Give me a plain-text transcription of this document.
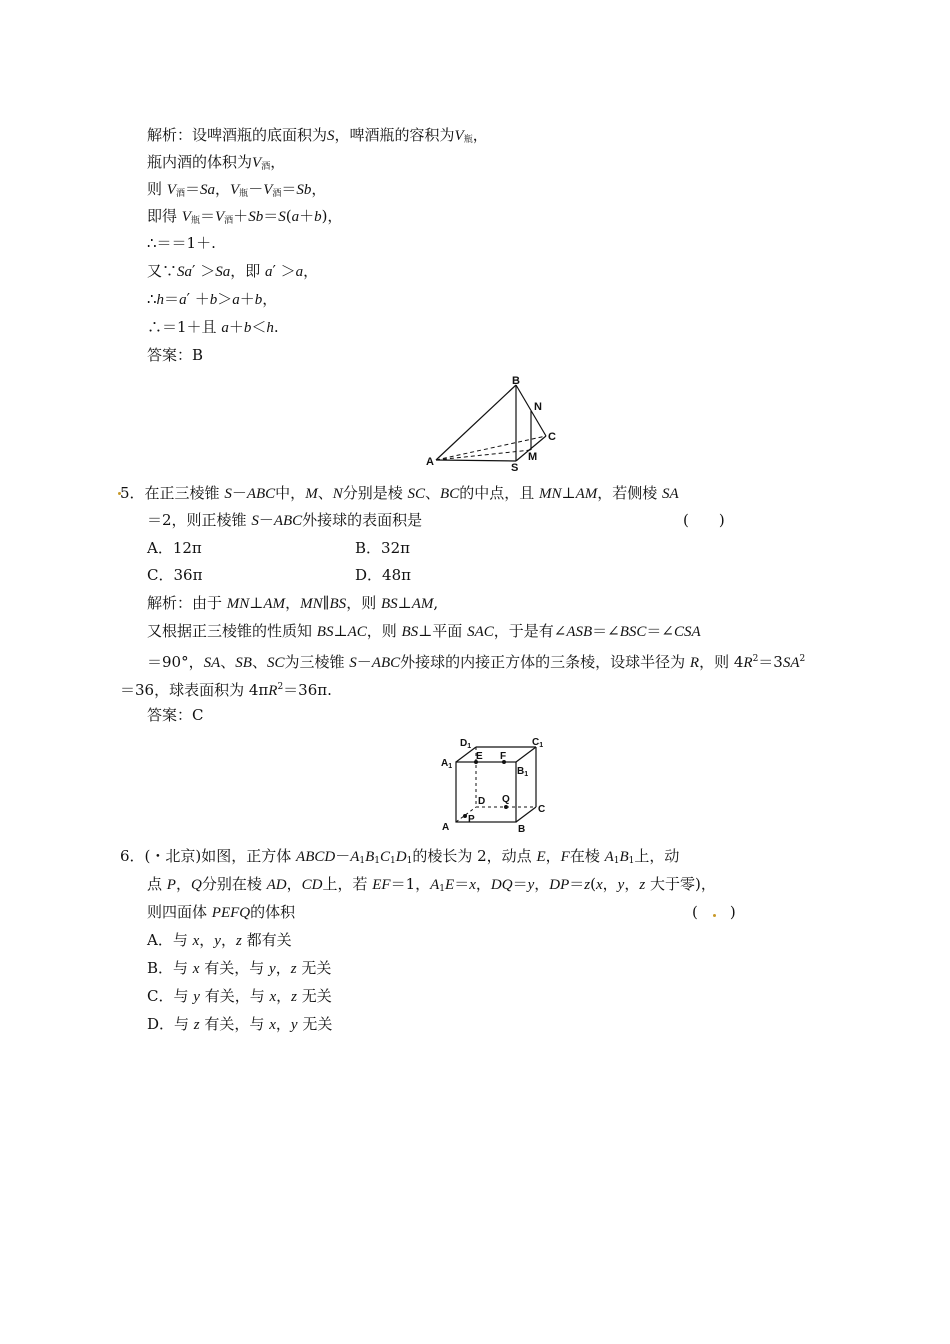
解析：设啤酒瓶的底面积为S，啤酒瓶的容积为$V_瓶$，
瓶内酒的体积为$V_酒$，
则 $V_酒=Sa$，$V_瓶-V_酒=Sb$，
即得 $V_瓶=V_酒+Sb=S(a+b)$，
∴＝＝1＋.
又∵Sa′ ＞Sa，即 a′ ＞a，
∴h＝a′ ＋b＞a＋b，
∴＝1＋且 a＋b＜h.
答案：B
B
N
C
A	S
M
5．在正三棱锥 S－ABC中，M、N分别是棱 SC、BC的中点，且 MN⊥AM，若侧棱 SA
＝2，则正棱锥 S－ABC外接球的表面积是	(　　)
A．12π	B．32π
C．36π	D．48π
解析：由于 MN⊥AM，MN∥BS，则 BS⊥AM,
又根据正三棱锥的性质知 BS⊥AC，则 BS⊥平面 SAC，于是有∠ASB＝∠BSC＝∠CSA
＝90°，SA、SB、SC为三棱锥 S－ABC外接球的内接正方体的三条棱，设球半径为 R，则 $4R^2=3SA^2$
＝36，球表面积为 $4\pi R^2=36\pi$.
答案：C
$D_1$	$C_1$
$A_1$
E F
$B_1$
D Q
C
A
P
B
6．(・北京)如图，正方体 $ABCD-A_1B_1C_1D_1$的棱长为 2，动点 E，F在棱 $A_1B_1$上，动
点 P，Q分别在棱 AD，CD上，若 EF＝1，$A_1E=x$，DQ＝y，DP＝z(x，y，z 大于零)，
则四面体 PEFQ的体积	( )
A．与 x，y，z 都有关
B．与 x 有关，与 y，z 无关
C．与 y 有关，与 x，z 无关
D．与 z 有关，与 x，y 无关
